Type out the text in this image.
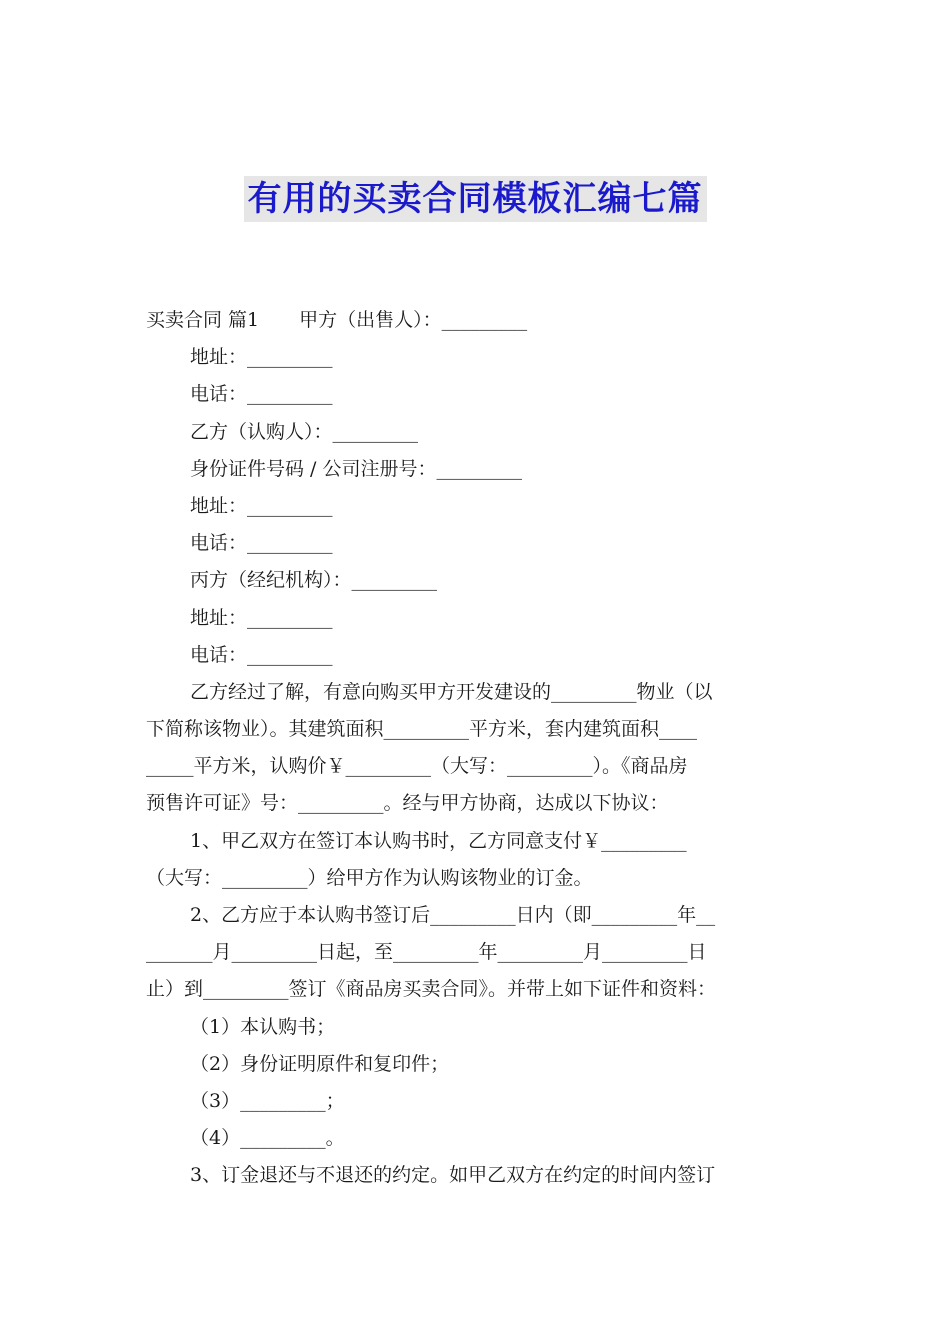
有用的买卖合同模板汇编七篇
买卖合同 篇1 甲方（出售人）：_________
地址：_________
电话：_________
乙方（认购人）：_________
身份证件号码 / 公司注册号：_________
地址：_________
电话：_________
丙方（经纪机构）：_________
地址：_________
电话：_________
乙方经过了解，有意向购买甲方开发建设的_________物业（以
下简称该物业）。其建筑面积_________平方米，套内建筑面积____
_____平方米，认购价￥_________（大写：_________）。《商品房
预售许可证》号：_________。经与甲方协商，达成以下协议：
1、甲乙双方在签订本认购书时，乙方同意支付￥_________
（大写：_________）给甲方作为认购该物业的订金。
2、乙方应于本认购书签订后_________日内（即_________年__
_______月_________日起，至_________年_________月_________日
止）到_________签订《商品房买卖合同》。并带上如下证件和资料：
（1）本认购书；
（2）身份证明原件和复印件；
（3）_________；
（4）_________。
3、订金退还与不退还的约定。如甲乙双方在约定的时间内签订
